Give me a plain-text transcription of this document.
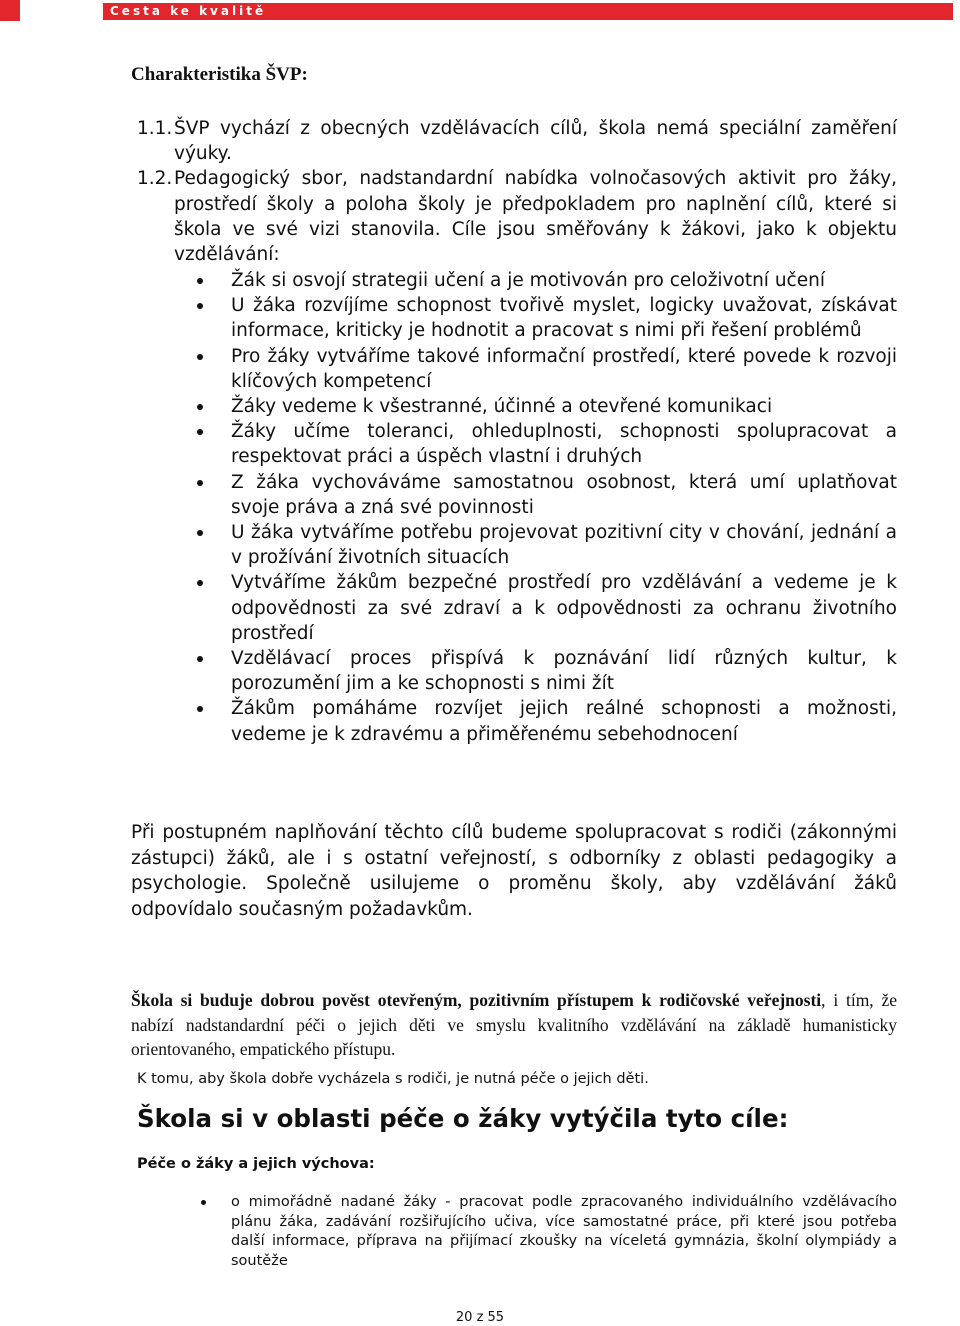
Cesta ke kvalitě
Charakteristika ŠVP:
1.1. ŠVP vychází z obecných vzdělávacích cílů, škola nemá speciální zaměření výuky.
1.2. Pedagogický sbor, nadstandardní nabídka volnočasových aktivit pro žáky, prostředí školy a poloha školy je předpokladem pro naplnění cílů, které si škola ve své vizi stanovila. Cíle jsou směřovány k žákovi, jako k objektu vzdělávání:
Žák si osvojí strategii učení a je motivován pro celoživotní učení
U žáka rozvíjíme schopnost tvořivě myslet, logicky uvažovat, získávat informace, kriticky je hodnotit a pracovat s nimi při řešení problémů
Pro žáky vytváříme takové informační prostředí, které povede k rozvoji klíčových kompetencí
Žáky vedeme k všestranné, účinné a otevřené komunikaci
Žáky učíme toleranci, ohleduplnosti, schopnosti spolupracovat a respektovat práci a úspěch vlastní i druhých
Z žáka vychováváme samostatnou osobnost, která umí uplatňovat svoje práva a zná své povinnosti
U žáka vytváříme potřebu projevovat pozitivní city v chování, jednání a v prožívání životních situacích
Vytváříme žákům bezpečné prostředí pro vzdělávání a vedeme je k odpovědnosti za své zdraví a k odpovědnosti za ochranu životního prostředí
Vzdělávací proces přispívá k poznávání lidí různých kultur, k porozumění jim a ke schopnosti s nimi žít
Žákům pomáháme rozvíjet jejich reálné schopnosti a možnosti, vedeme je k zdravému a přiměřenému sebehodnocení
Při postupném naplňování těchto cílů budeme spolupracovat s rodiči (zákonnými zástupci) žáků, ale i s ostatní veřejností, s odborníky z oblasti pedagogiky a psychologie. Společně usilujeme o proměnu školy, aby vzdělávání žáků odpovídalo současným požadavkům.
Škola si buduje dobrou pověst otevřeným, pozitivním přístupem k rodičovské veřejnosti, i tím, že nabízí nadstandardní péči o jejich děti ve smyslu kvalitního vzdělávání na základě humanisticky orientovaného, empatického přístupu.
K tomu, aby škola dobře vycházela s rodiči, je nutná péče o jejich děti.
Škola si v oblasti péče o žáky vytýčila tyto cíle:
Péče o žáky a jejich výchova:
o mimořádně nadané žáky - pracovat podle zpracovaného individuálního vzdělávacího plánu žáka, zadávání rozšiřujícího učiva, více samostatné práce, při které jsou potřeba další informace, příprava na přijímací zkoušky na víceletá gymnázia, školní olympiády a soutěže
20 z 55
